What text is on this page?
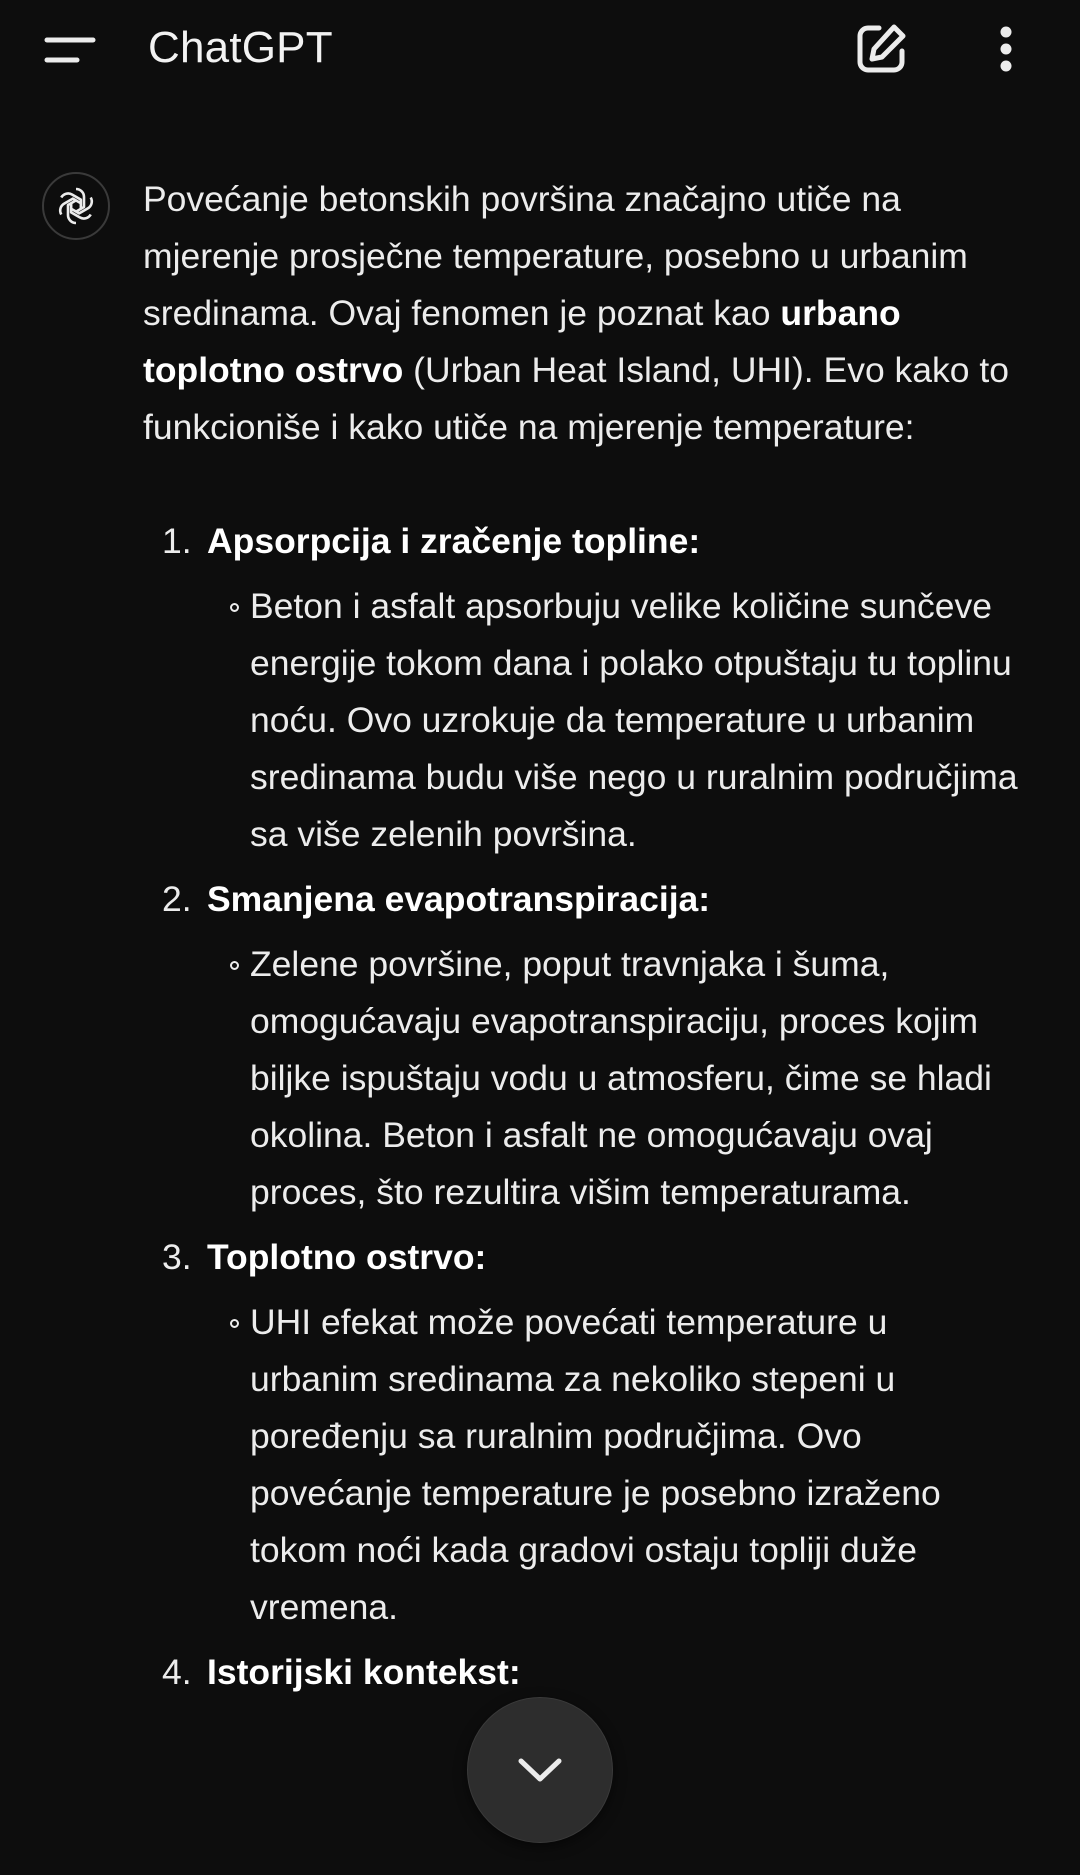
ChatGPT

Povećanje betonskih površina značajno utiče na mjerenje prosječne temperature, posebno u urbanim sredinama. Ovaj fenomen je poznat kao urbano toplotno ostrvo (Urban Heat Island, UHI). Evo kako to funkcioniše i kako utiče na mjerenje temperature:

1. Apsorpcija i zračenje topline:
Beton i asfalt apsorbuju velike količine sunčeve energije tokom dana i polako otpuštaju tu toplinu noću. Ovo uzrokuje da temperature u urbanim sredinama budu više nego u ruralnim područjima sa više zelenih površina.
2. Smanjena evapotranspiracija:
Zelene površine, poput travnjaka i šuma, omogućavaju evapotranspiraciju, proces kojim biljke ispuštaju vodu u atmosferu, čime se hladi okolina. Beton i asfalt ne omogućavaju ovaj proces, što rezultira višim temperaturama.
3. Toplotno ostrvo:
UHI efekat može povećati temperature u urbanim sredinama za nekoliko stepeni u poređenju sa ruralnim područjima. Ovo povećanje temperature je posebno izraženo tokom noći kada gradovi ostaju topliji duže vremena.
4. Istorijski kontekst:
